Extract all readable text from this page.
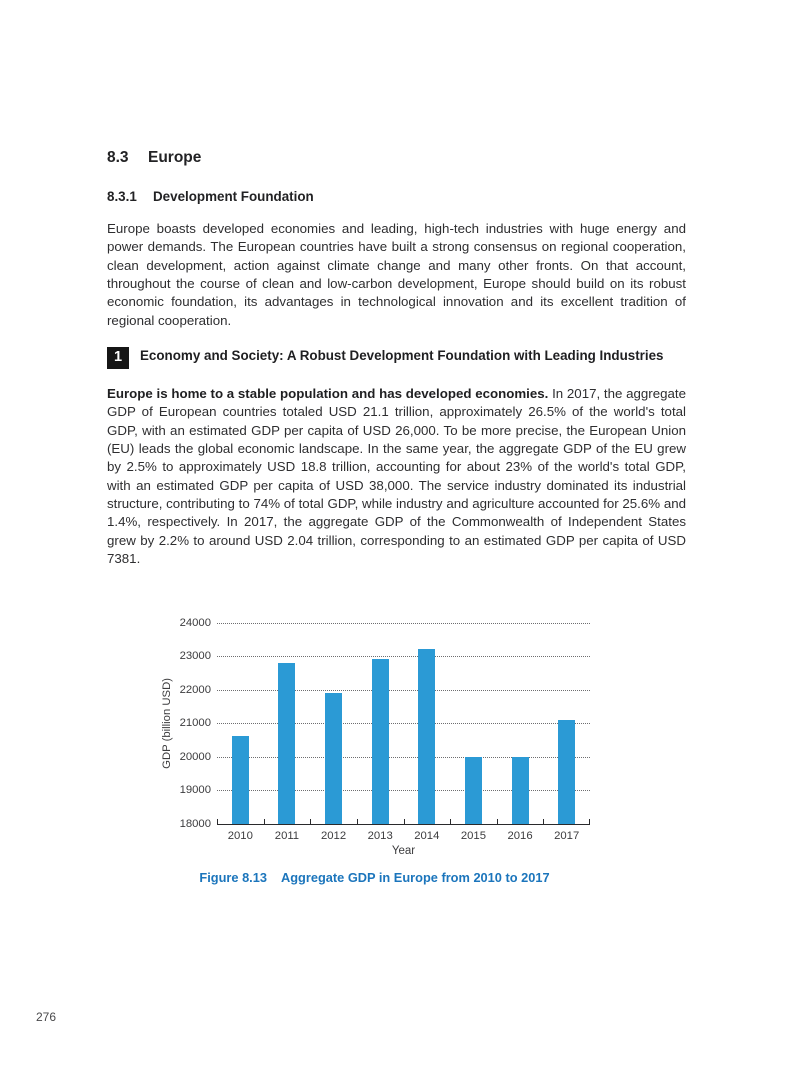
8.3 Europe
8.3.1 Development Foundation

Europe boasts developed economies and leading, high-tech industries with huge energy and power demands. The European countries have built a strong consensus on regional cooperation, clean development, action against climate change and many other fronts. On that account, throughout the course of clean and low-carbon development, Europe should build on its robust economic foundation, its advantages in technological innovation and its excellent tradition of regional cooperation.

1	Economy and Society: A Robust Development Foundation with Leading Industries

Europe is home to a stable population and has developed economies. In 2017, the aggregate GDP of European countries totaled USD 21.1 trillion, approximately 26.5% of the world's total GDP, with an estimated GDP per capita of USD 26,000. To be more precise, the European Union (EU) leads the global economic landscape. In the same year, the aggregate GDP of the EU grew by 2.5% to approximately USD 18.8 trillion, accounting for about 23% of the world's total GDP, with an estimated GDP per capita of USD 38,000. The service industry dominated its industrial structure, contributing to 74% of total GDP, while industry and agriculture accounted for 25.6% and 1.4%, respectively. In 2017, the aggregate GDP of the Commonwealth of Independent States grew by 2.2% to around USD 2.04 trillion, corresponding to an estimated GDP per capita of USD 7381.

GDP (billion USD)
18000
19000
20000
21000
22000
23000
24000
2010	2011	2012	2013	2014	2015	2016	2017
Year
Figure 8.13 Aggregate GDP in Europe from 2010 to 2017
276
